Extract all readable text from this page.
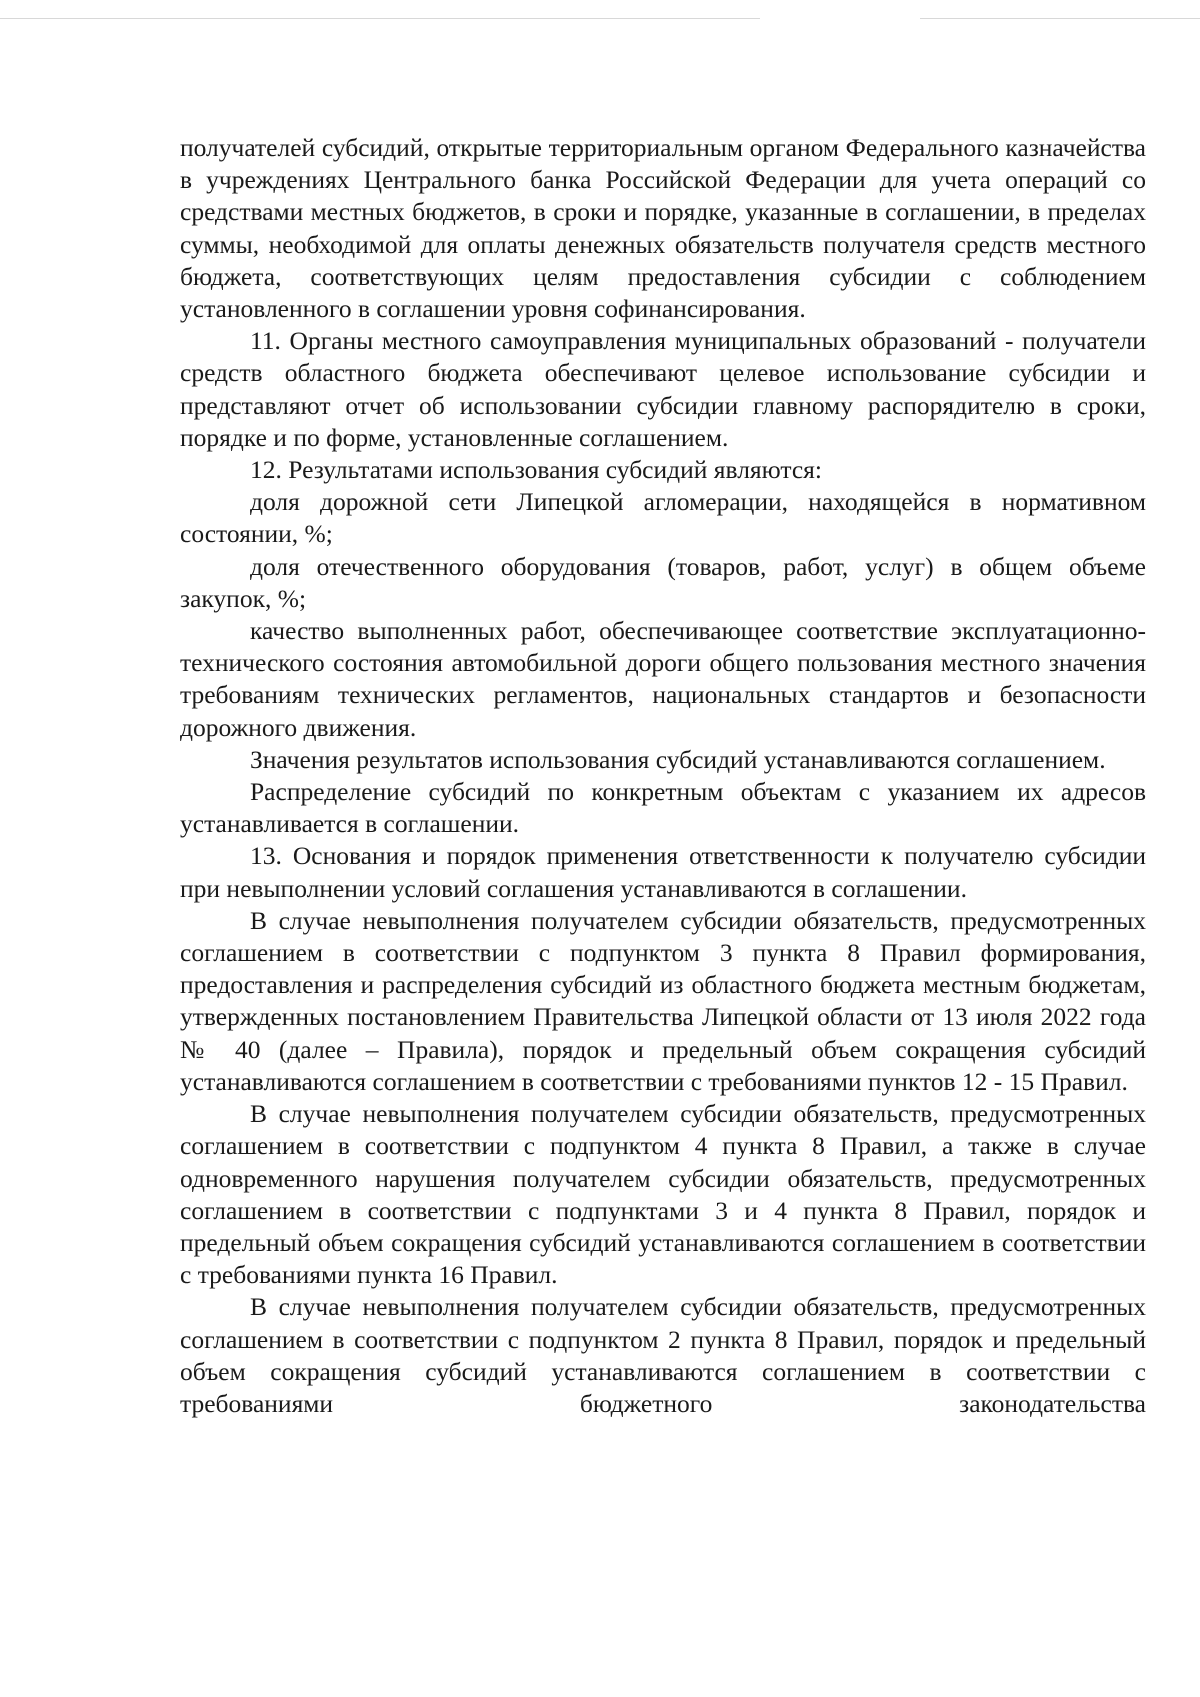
получателей субсидий, открытые территориальным органом Федерального казначейства в учреждениях Центрального банка Российской Федерации для учета операций со средствами местных бюджетов, в сроки и порядке, указанные в соглашении, в пределах суммы, необходимой для оплаты денежных обязательств получателя средств местного бюджета, соответствующих целям предоставления субсидии с соблюдением установленного в соглашении уровня софинансирования.

11. Органы местного самоуправления муниципальных образований - получатели средств областного бюджета обеспечивают целевое использование субсидии и представляют отчет об использовании субсидии главному распорядителю в сроки, порядке и по форме, установленные соглашением.

12. Результатами использования субсидий являются:

доля дорожной сети Липецкой агломерации, находящейся в нормативном состоянии, %;

доля отечественного оборудования (товаров, работ, услуг) в общем объеме закупок, %;

качество выполненных работ, обеспечивающее соответствие эксплуатационно-технического состояния автомобильной дороги общего пользования местного значения требованиям технических регламентов, национальных стандартов и безопасности дорожного движения.

Значения результатов использования субсидий устанавливаются соглашением.

Распределение субсидий по конкретным объектам с указанием их адресов устанавливается в соглашении.

13. Основания и порядок применения ответственности к получателю субсидии при невыполнении условий соглашения устанавливаются в соглашении.

В случае невыполнения получателем субсидии обязательств, предусмотренных соглашением в соответствии с подпунктом 3 пункта 8 Правил формирования, предоставления и распределения субсидий из областного бюджета местным бюджетам, утвержденных постановлением Правительства Липецкой области от 13 июля 2022 года № 40 (далее – Правила), порядок и предельный объем сокращения субсидий устанавливаются соглашением в соответствии с требованиями пунктов 12 - 15 Правил.

В случае невыполнения получателем субсидии обязательств, предусмотренных соглашением в соответствии с подпунктом 4 пункта 8 Правил, а также в случае одновременного нарушения получателем субсидии обязательств, предусмотренных соглашением в соответствии с подпунктами 3 и 4 пункта 8 Правил, порядок и предельный объем сокращения субсидий устанавливаются соглашением в соответствии с требованиями пункта 16 Правил.

В случае невыполнения получателем субсидии обязательств, предусмотренных соглашением в соответствии с подпунктом 2 пункта 8 Правил, порядок и предельный объем сокращения субсидий устанавливаются соглашением в соответствии с требованиями бюджетного законодательства
